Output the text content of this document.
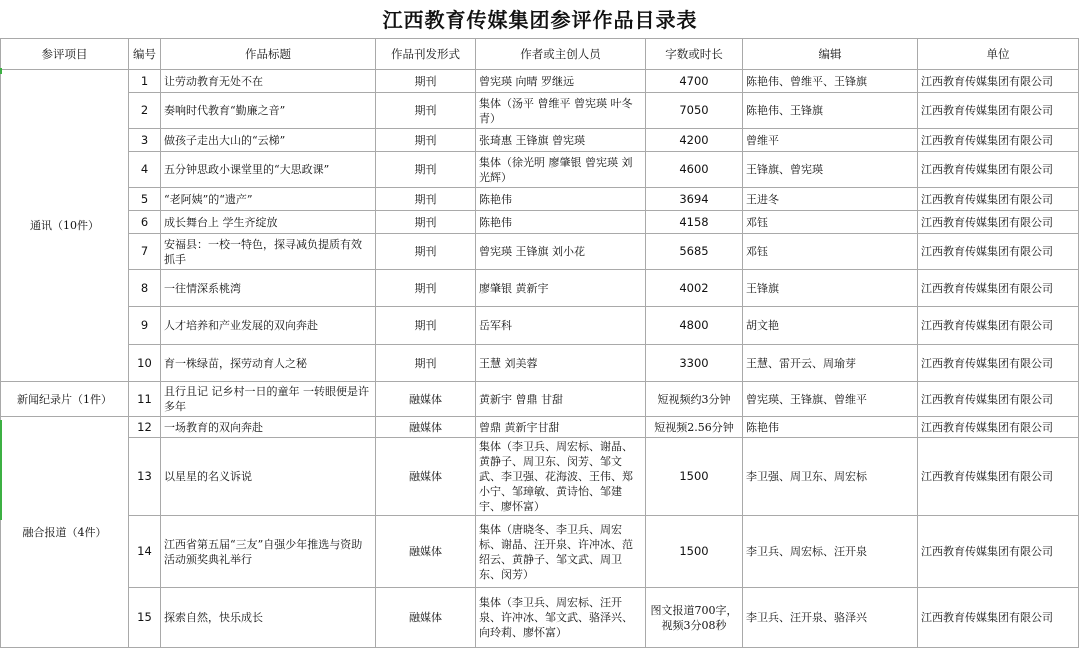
江西教育传媒集团参评作品目录表
参评项目	编号	作品标题	作品刊发形式	作者或主创人员	字数或时长	编辑	单位
通讯（10件）	1	让劳动教育无处不在	期刊	曾宪瑛 向晴 罗继远	4700	陈艳伟、曾维平、王锋旗	江西教育传媒集团有限公司
	2	奏响时代教育“勤廉之音”	期刊	集体（汤平 曾维平 曾宪瑛 叶冬青）	7050	陈艳伟、王锋旗	江西教育传媒集团有限公司
	3	做孩子走出大山的“云梯”	期刊	张琦惠 王锋旗 曾宪瑛	4200	曾维平	江西教育传媒集团有限公司
	4	五分钟思政小课堂里的“大思政课”	期刊	集体（徐光明 廖肇银 曾宪瑛 刘光辉）	4600	王锋旗、曾宪瑛	江西教育传媒集团有限公司
	5	“老阿姨”的“遗产”	期刊	陈艳伟	3694	王进冬	江西教育传媒集团有限公司
	6	成长舞台上 学生齐绽放	期刊	陈艳伟	4158	邓钰	江西教育传媒集团有限公司
	7	安福县：一校一特色，探寻减负提质有效抓手	期刊	曾宪瑛 王锋旗 刘小花	5685	邓钰	江西教育传媒集团有限公司
	8	一往情深系桃湾	期刊	廖肇银 黄新宇	4002	王锋旗	江西教育传媒集团有限公司
	9	人才培养和产业发展的双向奔赴	期刊	岳军科	4800	胡文艳	江西教育传媒集团有限公司
	10	育一株绿苗，探劳动育人之秘	期刊	王慧 刘美蓉	3300	王慧、雷开云、周瑜芽	江西教育传媒集团有限公司
新闻纪录片（1件）	11	且行且记 记乡村一日的童年 一转眼便是许多年	融媒体	黄新宇 曾鼎 甘甜	短视频约3分钟	曾宪瑛、王锋旗、曾维平	江西教育传媒集团有限公司
融合报道（4件）	12	一场教育的双向奔赴	融媒体	曾鼎 黄新宇甘甜	短视频2.56分钟	陈艳伟	江西教育传媒集团有限公司
	13	以星星的名义诉说	融媒体	集体（李卫兵、周宏标、谢晶、黄静子、周卫东、闵芳、邹文武、李卫强、花海波、王伟、郑小宁、邹璋敏、黄诗怡、邹建宇、廖怀富）	1500	李卫强、周卫东、周宏标	江西教育传媒集团有限公司
	14	江西省第五届“三友”自强少年推选与资助活动颁奖典礼举行	融媒体	集体（唐晓冬、李卫兵、周宏标、谢晶、汪开泉、许冲冰、范绍云、黄静子、邹文武、周卫东、闵芳）	1500	李卫兵、周宏标、汪开泉	江西教育传媒集团有限公司
	15	探索自然，快乐成长	融媒体	集体（李卫兵、周宏标、汪开泉、许冲冰、邹文武、骆泽兴、向玲莉、廖怀富）	图文报道700字，视频3分08秒	李卫兵、汪开泉、骆泽兴	江西教育传媒集团有限公司
